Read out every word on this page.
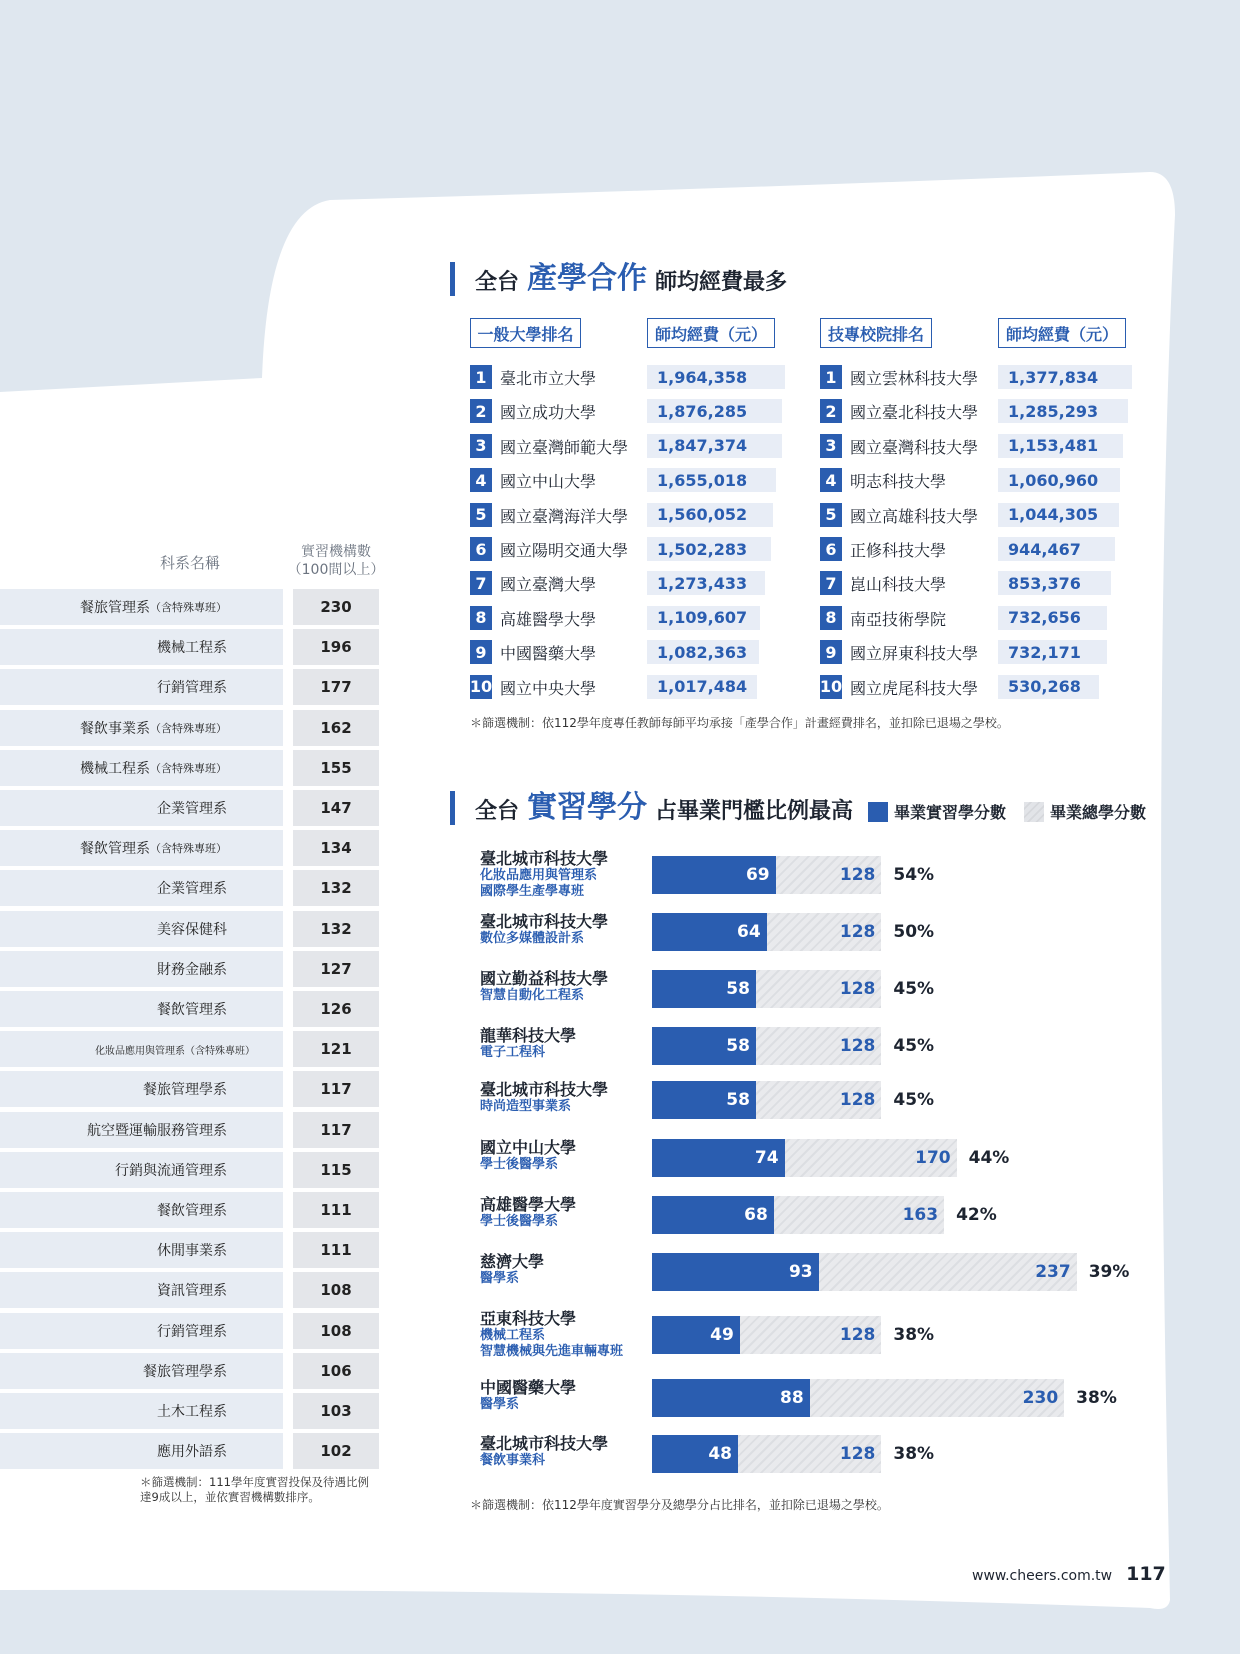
科系名稱
實習機構數
（100間以上）
餐旅管理系 （含特殊專班）	230
機械工程系	196
行銷管理系	177
餐飲事業系 （含特殊專班）	162
機械工程系 （含特殊專班）	155
企業管理系	147
餐飲管理系 （含特殊專班）	134
企業管理系	132
美容保健科	132
財務金融系	127
餐飲管理系	126
化妝品應用與管理系（含特殊專班）	121
餐旅管理學系	117
航空暨運輸服務管理系	117
行銷與流通管理系	115
餐飲管理系	111
休閒事業系	111
資訊管理系	108
行銷管理系	108
餐旅管理學系	106
土木工程系	103
應用外語系	102
＊篩選機制：111學年度實習投保及待遇比例
達9成以上，並依實習機構數排序。
全台 產學合作 師均經費最多
一般大學排名	師均經費（元）	技專校院排名	師均經費（元）
1 臺北市立大學	1,964,358
2 國立成功大學	1,876,285
3 國立臺灣師範大學	1,847,374
4 國立中山大學	1,655,018
5 國立臺灣海洋大學	1,560,052
6 國立陽明交通大學	1,502,283
7 國立臺灣大學	1,273,433
8 高雄醫學大學	1,109,607
9 中國醫藥大學	1,082,363
10 國立中央大學	1,017,484
1 國立雲林科技大學	1,377,834
2 國立臺北科技大學	1,285,293
3 國立臺灣科技大學	1,153,481
4 明志科技大學	1,060,960
5 國立高雄科技大學	1,044,305
6 正修科技大學	944,467
7 崑山科技大學	853,376
8 南亞技術學院	732,656
9 國立屏東科技大學	732,171
10 國立虎尾科技大學	530,268
＊篩選機制：依112學年度專任教師每師平均承接「產學合作」計畫經費排名，並扣除已退場之學校。
全台 實習學分 占畢業門檻比例最高	畢業實習學分數	畢業總學分數
臺北城市科技大學
化妝品應用與管理系
國際學生產學專班
69	128 54%
臺北城市科技大學
數位多媒體設計系	64	128 50%
國立勤益科技大學
智慧自動化工程系	58	128 45%
龍華科技大學
電子工程科	58	128 45%
臺北城市科技大學
時尚造型事業系	58	128 45%
國立中山大學
學士後醫學系	74	170 44%
高雄醫學大學
學士後醫學系	68	163 42%
慈濟大學
醫學系	93	237 39%
亞東科技大學
機械工程系
智慧機械與先進車輛專班
49	128 38%
中國醫藥大學
醫學系	88	230 38%
臺北城市科技大學
餐飲事業科	48	128 38%
＊篩選機制：依112學年度實習學分及總學分占比排名，並扣除已退場之學校。
www.cheers.com.tw 117
